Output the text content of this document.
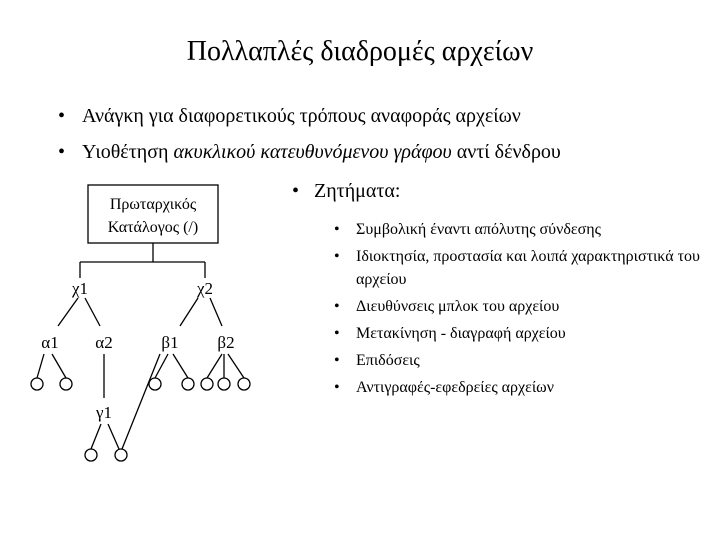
Πολλαπλές διαδρομές αρχείων
• Ανάγκη για διαφορετικούς τρόπους αναφοράς αρχείων
• Υιοθέτηση ακυκλικού κατευθυνόμενου γράφου αντί δένδρου
• Ζητήματα:
• Συμβολική έναντι απόλυτης σύνδεσης
• Ιδιοκτησία, προστασία και λοιπά χαρακτηριστικά του αρχείου
• Διευθύνσεις μπλοκ του αρχείου
• Μετακίνηση - διαγραφή αρχείου
• Επιδόσεις
• Αντιγραφές-εφεδρείες αρχείων
Πρωταρχικός
Κατάλογος (/)
χ1	χ2
α1 α2	β1 β2
γ1
